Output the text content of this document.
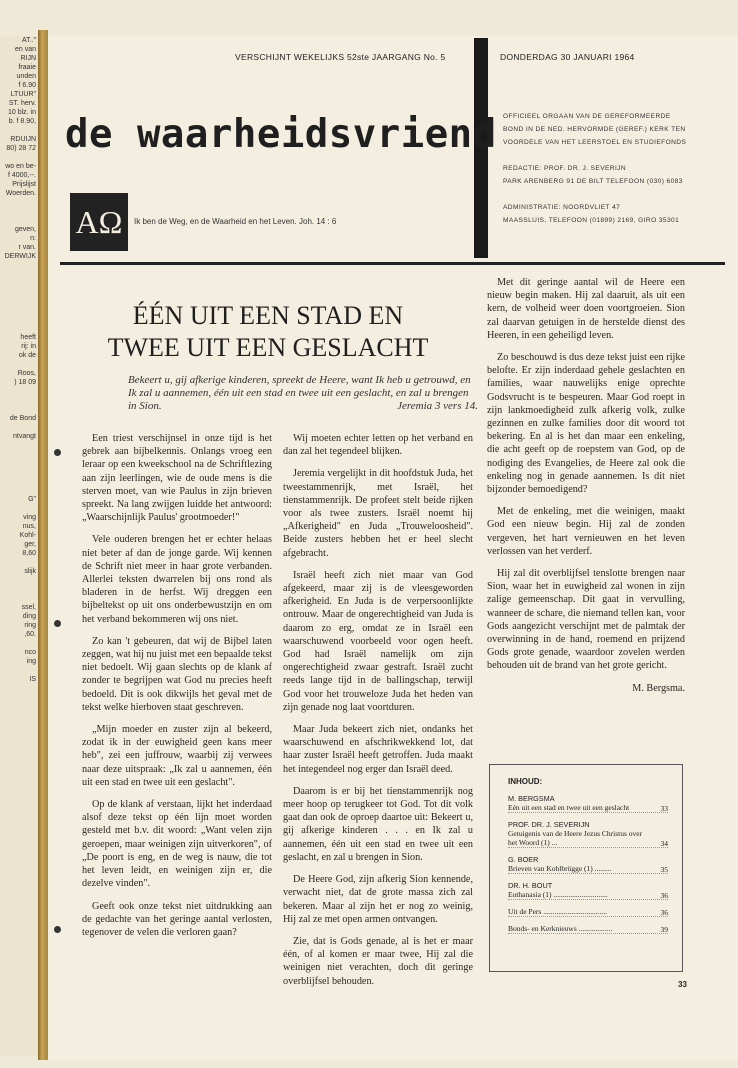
AT.."
en van
RIJN
fraaie
unden
f 6.90
LTUUR"
ST. herv.
10 blz. in
b. f 8.90,

RDUIJN
80) 28 72

wo en be-
f 4000,--.
Prijslijst
Woerden.

geven,
n:
r van.
DERWIJK

heeft
rij: in
ok de

Roos,
) 18 09

de Bond

ntvangt

G"

ving
nus,
Kohl-
ger,
8,60

slijk

ssel,
ding
ring
,60.

nco
ing

IS
VERSCHIJNT WEKELIJKS 52ste JAARGANG No. 5	DONDERDAG 30 JANUARI 1964
de waarheidsvriend
AΩ	Ik ben de Weg, en de Waarheid en het Leven. Joh. 14 : 6
OFFICIEEL ORGAAN VAN DE GEREFORMEERDE
BOND IN DE NED. HERVORMDE (GEREF.) KERK TEN
VOORDELE VAN HET LEERSTOEL EN STUDIEFONDS

REDACTIE: PROF. DR. J. SEVERIJN
PARK ARENBERG 91 DE BILT TELEFOON (030) 6083

ADMINISTRATIE: NOORDVLIET 47
MAASSLUIS, TELEFOON (01899) 2169, GIRO 35301
ÉÉN UIT EEN STAD EN
TWEE UIT EEN GESLACHT
Bekeert u, gij afkerige kinderen, spreekt de Heere, want Ik heb u getrouwd, en Ik zal u aannemen, één uit een stad en twee uit een geslacht, en zal u brengen in Sion.	Jeremia 3 vers 14.

Een triest verschijnsel in onze tijd is het gebrek aan bijbelkennis. Onlangs vroeg een leraar op een kweekschool na de Schriftlezing aan zijn leerlingen, wie de oude mens is die sterven moet, van wie Paulus in zijn brieven spreekt. Na lang zwijgen luidde het antwoord: „Waarschijnlijk Paulus' grootmoeder!"

Vele ouderen brengen het er echter helaas niet beter af dan de jonge garde. Wij kennen de Schrift niet meer in haar grote verbanden. Allerlei teksten dwarrelen bij ons rond als bladeren in de herfst. Wij dreggen een bijbeltekst op uit ons onderbewustzijn en om het verband bekommeren wij ons niet.

Zo kan 't gebeuren, dat wij de Bijbel laten zeggen, wat hij nu juist met een bepaalde tekst niet bedoelt. Wij gaan slechts op de klank af zonder te begrijpen wat God nu precies heeft bedoeld. Dit is ook dikwijls het geval met de tekst welke hierboven staat geschreven.

„Mijn moeder en zuster zijn al bekeerd, zodat ik in der euwigheid geen kans meer heb", zei een juffrouw, waarbij zij verwees naar deze uitspraak: „Ik zal u aannemen, één uit een stad en twee uit een geslacht".

Op de klank af verstaan, lijkt het inderdaad alsof deze tekst op één lijn moet worden gesteld met b.v. dit woord: „Want velen zijn geroepen, maar weinigen zijn uitverkoren", of „De poort is eng, en de weg is nauw, die tot het leven leidt, en weinigen zijn er, die dezelve vinden".

Geeft ook onze tekst niet uitdrukking aan de gedachte van het geringe aantal verlosten, tegenover de velen die verloren gaan?

Wij moeten echter letten op het verband en dan zal het tegendeel blijken.

Jeremia vergelijkt in dit hoofdstuk Juda, het tweestammenrijk, met Israël, het tienstammenrijk. De profeet stelt beide rijken voor als twee zusters. Israël noemt hij „Afkerigheid" en Juda „Trouweloosheid". Beide zusters hebben het er heel slecht afgebracht.

Israël heeft zich niet maar van God afgekeerd, maar zij is de vleesgeworden afkerigheid. En Juda is de verpersoonlijkte ontrouw. Maar de ongerechtigheid van Juda is daarom zo erg, omdat ze in Israël een waarschuwend voorbeeld voor ogen heeft. God had Israël namelijk om zijn ongerechtigheid zwaar gestraft. Israël zucht reeds lange tijd in de ballingschap, terwijl God voor het trouweloze Juda het heden van zijn genade nog laat voortduren.

Maar Juda bekeert zich niet, ondanks het waarschuwend en afschrikwekkend lot, dat haar zuster Israël heeft getroffen. Juda maakt het integendeel nog erger dan Israël deed.

Daarom is er bij het tienstammenrijk nog meer hoop op terugkeer tot God. Tot dit volk gaat dan ook de oproep daartoe uit: Bekeert u, gij afkerige kinderen . . . en Ik zal u aannemen, één uit een stad en twee uit een geslacht, en zal u brengen in Sion.

De Heere God, zijn afkerig Sion kennende, verwacht niet, dat de grote massa zich zal bekeren. Maar al zijn het er nog zo weinig, Hij zal ze met open armen ontvangen.

Zie, dat is Gods genade, al is het er maar één, of al komen er maar twee, Hij zal die weinigen niet verachten, doch dit geringe overblijfsel behouden.

Met dit geringe aantal wil de Heere een nieuw begin maken. Hij zal daaruit, als uit een kern, de volheid weer doen voortgroeien. Sion zal daarvan getuigen in de herstelde dienst des Heeren, in een geheiligd leven.

Zo beschouwd is dus deze tekst juist een rijke belofte. Er zijn inderdaad gehele geslachten en families, waar nauwelijks enige oprechte Godsvrucht is te bespeuren. Maar God roept in zijn lankmoedigheid zulk afkerig volk, zulke gezinnen en zulke families door dit woord tot bekering. En al is het dan maar een enkeling, die acht geeft op de roepstem van God, op de nodiging des Evangelies, de Heere zal ook die enkeling nog in genade aannemen. Is dit niet bijzonder bemoedigend?

Met de enkeling, met die weinigen, maakt God een nieuw begin. Hij zal de zonden vergeven, het hart vernieuwen en het leven verlossen van het verderf.

Hij zal dit overblijfsel tenslotte brengen naar Sion, waar het in euwigheid zal wonen in zijn zalige gemeenschap. Dit gaat in vervulling, wanneer de schare, die niemand tellen kan, voor Gods aangezicht verschijnt met de palmtak der overwinning in de hand, roemend en prijzend Gods grote genade, waardoor zovelen werden behouden uit de brand van het grote gericht.

M. Bergsma.
INHOUD:
M. BERGSMA
Eén uit een stad en twee uit een geslacht	33
PROF. DR. J. SEVERIJN
Getuigenis van de Heere Jezus Christus over het Woord (1) ...	34
G. BOER
Brieven van Kohlbrügge (1) .........	35
DR. H. BOUT
Euthanasia (1) .............................	36
Uit de Pers ..................................	36
Bonds- en Kerknieuws ..................	39
33
